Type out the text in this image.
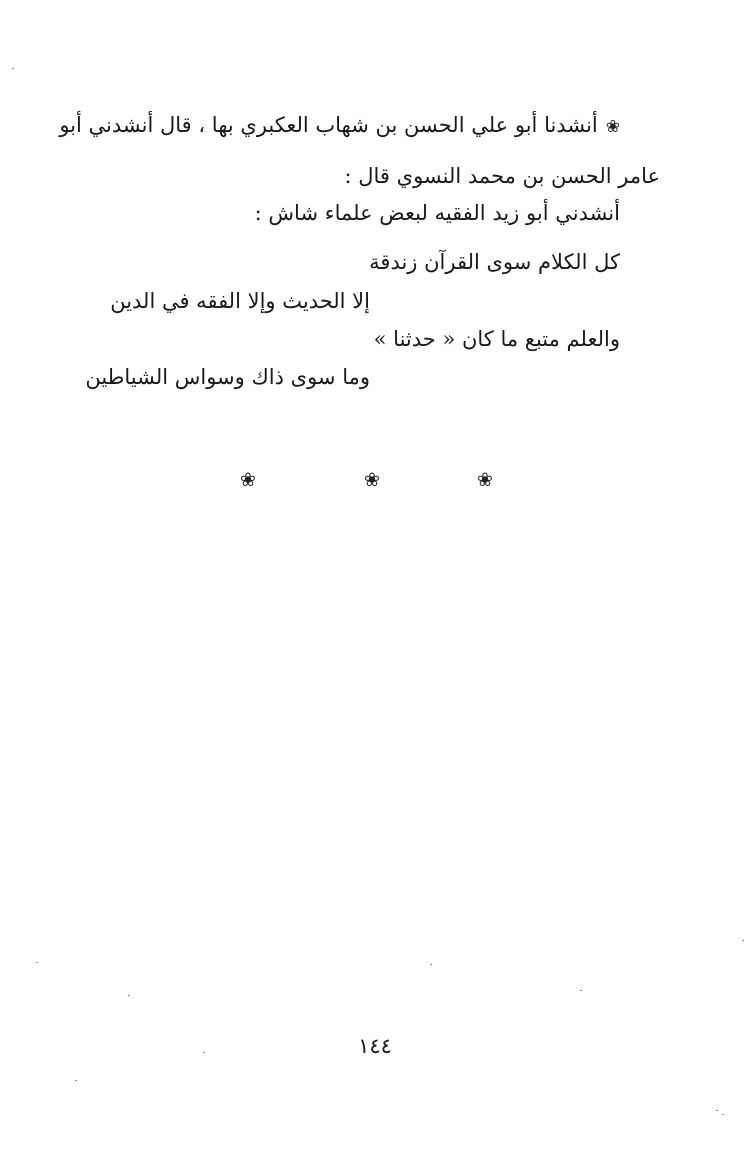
❀أنشدنا أبو علي الحسن بن شهاب العكبري بها ، قال أنشدني أبو
عامر الحسن بن محمد النسوي قال :
أنشدني أبو زيد الفقيه لبعض علماء شاش :
كل الكلام سوى القرآن زندقة
إلا الحديث وإلا الفقه في الدين
والعلم متبع ما كان « حدثنا »
وما سوى ذاك وسواس الشياطين
❀
❀
❀
١٤٤
